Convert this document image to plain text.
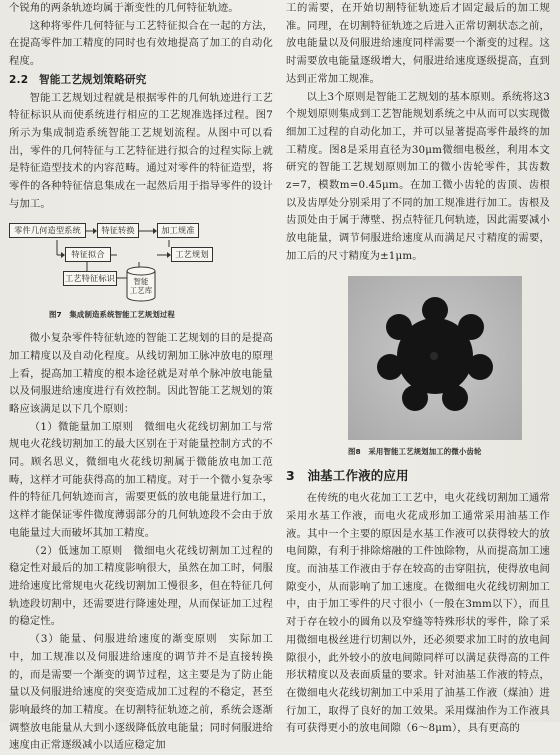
个锐角的两条轨迹均属于渐变性的几何特征轨迹。

这种将零件几何特征与工艺特征拟合在一起的方法，在提高零件加工精度的同时也有效地提高了加工的自动化程度。

2.2　智能工艺规划策略研究

智能工艺规划过程就是根据零件的几何轨迹进行工艺特征标识从而使系统进行相应的工艺规准选择过程。图7所示为集成制造系统智能工艺规划流程。从图中可以看出，零件的几何特征与工艺特征进行拟合的过程实际上就是特征造型技术的内容范畴。通过对零件的特征造型，将零件的各种特征信息集成在一起然后用于指导零件的设计与加工。

零件几何造型系统	特征转换	加工规准
特征拟合	工艺规划
工艺特征标识	智能
工艺库

图7　集成制造系统智能工艺规划过程

微小复杂零件特征轨迹的智能工艺规划的目的是提高加工精度以及自动化程度。从线切割加工脉冲放电的原理上看，提高加工精度的根本途径就是对单个脉冲放电能量以及伺服进给速度进行有效控制。因此智能工艺规划的策略应该满足以下几个原则：

（1）微能量加工原则　微细电火花线切割加工与常规电火花线切割加工的最大区别在于对能量控制方式的不同。顾名思义，微细电火花线切割属于微能放电加工范畴，这样才可能获得高的加工精度。对于一个微小复杂零件的特征几何轨迹而言，需要更低的放电能量进行加工，这样才能保证零件微度薄弱部分的几何轨迹段不会由于放电能量过大而破坏其加工精度。

（2）低速加工原则　微细电火花线切割加工过程的稳定性对最后的加工精度影响很大，虽然在加工时，伺服进给速度比常规电火花线切割加工慢很多，但在特征几何轨迹段切割中，还需要进行降速处理，从而保证加工过程的稳定性。

（3）能量、伺服进给速度的渐变原则　实际加工中，加工规准以及伺服进给速度的调节并不是直接转换的，而是需要一个渐变的调节过程，这主要是为了防止能量以及伺服进给速度的突变造成加工过程的不稳定，甚至影响最终的加工精度。在切割特征轨迹之前，系统会逐渐调整放电能量从大到小逐级降低放电能量；同时伺服进给速度由正常逐级减小以适应稳定加

工的需要，在开始切割特征轨迹后才固定最后的加工规准。同理，在切割特征轨迹之后进入正常切割状态之前，放电能量以及伺服进给速度同样需要一个渐变的过程。这时需要放电能量逐级增大，伺服进给速度逐级提高，直到达到正常加工规准。

以上3个原则是智能工艺规划的基本原则。系统将这3个规划原则集成到工艺智能规划系统之中从而可以实现微细加工过程的自动化加工，并可以显著提高零件最终的加工精度。图8是采用直径为30μm微细电极丝，利用本文研究的智能工艺规划原则加工的微小齿轮零件，其齿数z=7，模数m=0.45μm。在加工微小齿轮的齿顶、齿根以及齿厚处分别采用了不同的加工规准进行加工。齿根及齿顶处由于属于薄壁、拐点特征几何轨迹，因此需要减小放电能量，调节伺服进给速度从而满足尺寸精度的需要，加工后的尺寸精度为±1μm。

图8　采用智能工艺规划加工的微小齿轮

3　油基工作液的应用

在传统的电火花加工工艺中，电火花线切割加工通常采用水基工作液，而电火花成形加工通常采用油基工作液。其中一个主要的原因是水基工作液可以获得较大的放电间隙，有利于排除熔融的工件蚀除物，从而提高加工速度。而油基工作液由于存在较高的击穿阻抗，使得放电间隙变小，从而影响了加工速度。在微细电火花线切割加工中，由于加工零件的尺寸很小（一般在3mm以下），而且对于存在较小的圆角以及窄缝等特殊形状的零件，除了采用微细电极丝进行切割以外，还必须要求加工时的放电间隙很小，此外较小的放电间隙同样可以满足获得高的工件形状精度以及表面质量的要求。针对油基工作液的特点，在微细电火花线切割加工中采用了油基工作液（煤油）进行加工，取得了良好的加工效果。采用煤油作为工作液具有可获得更小的放电间隙（6～8μm），具有更高的
